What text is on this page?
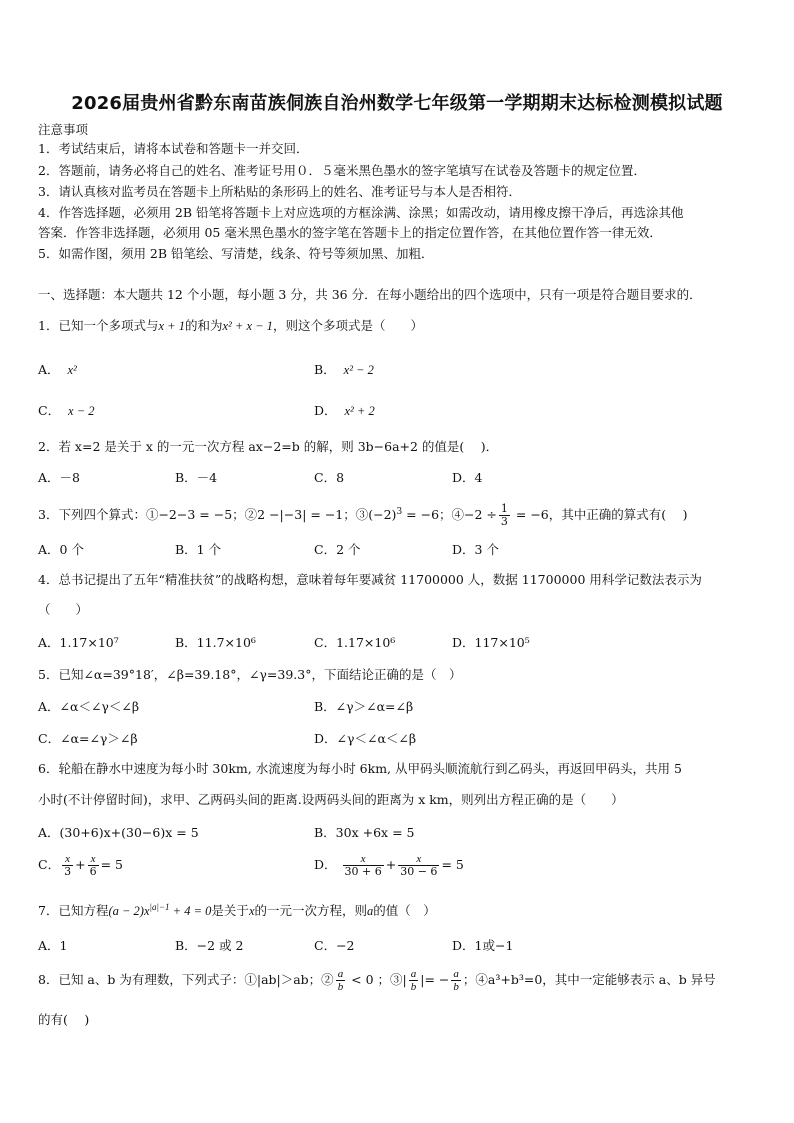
2026届贵州省黔东南苗族侗族自治州数学七年级第一学期期末达标检测模拟试题
注意事项
1．考试结束后，请将本试卷和答题卡一并交回．
2．答题前，请务必将自己的姓名、准考证号用０．５毫米黑色墨水的签字笔填写在试卷及答题卡的规定位置．
3．请认真核对监考员在答题卡上所粘贴的条形码上的姓名、准考证号与本人是否相符．
4．作答选择题，必须用 2B 铅笔将答题卡上对应选项的方框涂满、涂黑；如需改动，请用橡皮擦干净后，再选涂其他
答案．作答非选择题，必须用 05 毫米黑色墨水的签字笔在答题卡上的指定位置作答，在其他位置作答一律无效．
5．如需作图，须用 2B 铅笔绘、写清楚，线条、符号等须加黑、加粗．
一、选择题：本大题共 12 个小题，每小题 3 分，共 36 分．在每小题给出的四个选项中，只有一项是符合题目要求的．
1．已知一个多项式与x + 1的和为x² + x − 1，则这个多项式是（　　）
A． x²	B． x² − 2
C． x − 2	D． x² + 2
2．若 x=2 是关于 x 的一元一次方程 ax−2=b 的解，则 3b−6a+2 的值是(　 )．
A．－8	B．－4	C．8	D．4
3．下列四个算式：①−2−3 = −5；②2 −|−3| = −1；$③(-2)^3 = -6$；④−2 ÷ $\frac{1}{3} = -6$，其中正确的算式有(　 )
A．0 个	B．1 个	C．2 个	D．3 个
4．总书记提出了五年“精准扶贫”的战略构想，意味着每年要减贫 11700000 人，数据 11700000 用科学记数法表示为
（　　）
A．1.17×10⁷	B．11.7×10⁶	C．1.17×10⁶	D．117×10⁵
5．已知∠α=39°18′，∠β=39.18°，∠γ=39.3°，下面结论正确的是（　）
A．∠α＜∠γ＜∠β	B．∠γ＞∠α=∠β
C．∠α=∠γ＞∠β	D．∠γ＜∠α＜∠β
6．轮船在静水中速度为每小时 30km, 水流速度为每小时 6km, 从甲码头顺流航行到乙码头，再返回甲码头，共用 5
小时(不计停留时间)，求甲、乙两码头间的距离.设两码头间的距离为 x km，则列出方程正确的是（　　）
A．(30+6)x+(30−6)x = 5	B．30x +6x = 5
C． $\frac{x}{3} + \frac{x}{6} = 5$	D． $\frac{x}{30 + 6} + \frac{x}{30 - 6} = 5$
7．已知方程$(a - 2)x^{|a|-1} + 4 = 0$是关于x的一元一次方程，则a的值（　）
A．1	B．−2 或 2	C．−2	D．1或−1
8．已知 a、b 为有理数，下列式子：①|ab|＞ab；② $\frac{a}{b} < 0$ ；③| $\frac{a}{b}$ |= − $\frac{a}{b}$ ；④a³+b³=0，其中一定能够表示 a、b 异号
的有(　 )
